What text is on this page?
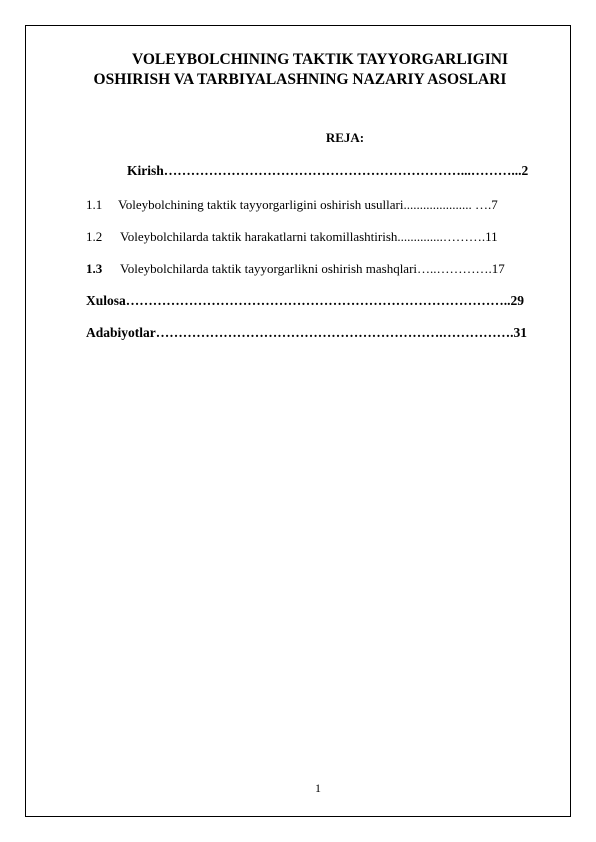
VOLEYBOLCHINING TAKTIK TAYYORGARLIGINI
OSHIRISH VA TARBIYALASHNING NAZARIY ASOSLARI
REJA:
Kirish…………………………………………………………...………...2
1.1 Voleybolchining taktik tayyorgarligini oshirish usullari..................... ….7
1.2 Voleybolchilarda taktik harakatlarni takomillashtirish..............……….11
1.3 Voleybolchilarda taktik tayyorgarlikni oshirish mashqlari…..………….17
Xulosa…………………………………………………………………………..29
Adabiyotlar……………………………………………………….…………….31
1
